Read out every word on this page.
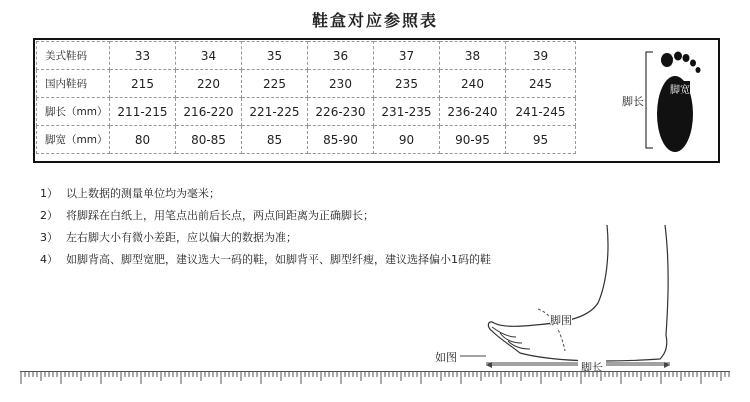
鞋盒对应参照表
美式鞋码	33	34	35	36	37	38	39
国内鞋码	215	220	225	230	235	240	245
脚长（mm）	211-215	216-220	221-225	226-230	231-235	236-240	241-245
脚宽（mm）	80	80-85	85	85-90	90	90-95	95
脚长
脚宽
1） 以上数据的测量单位均为毫米；
2） 将脚踩在白纸上，用笔点出前后长点，两点间距离为正确脚长；
3） 左右脚大小有微小差距，应以偏大的数据为准；
4） 如脚背高、脚型宽肥，建议选大一码的鞋，如脚背平、脚型纤瘦，建议选择偏小1码的鞋
如图
脚围
脚长
